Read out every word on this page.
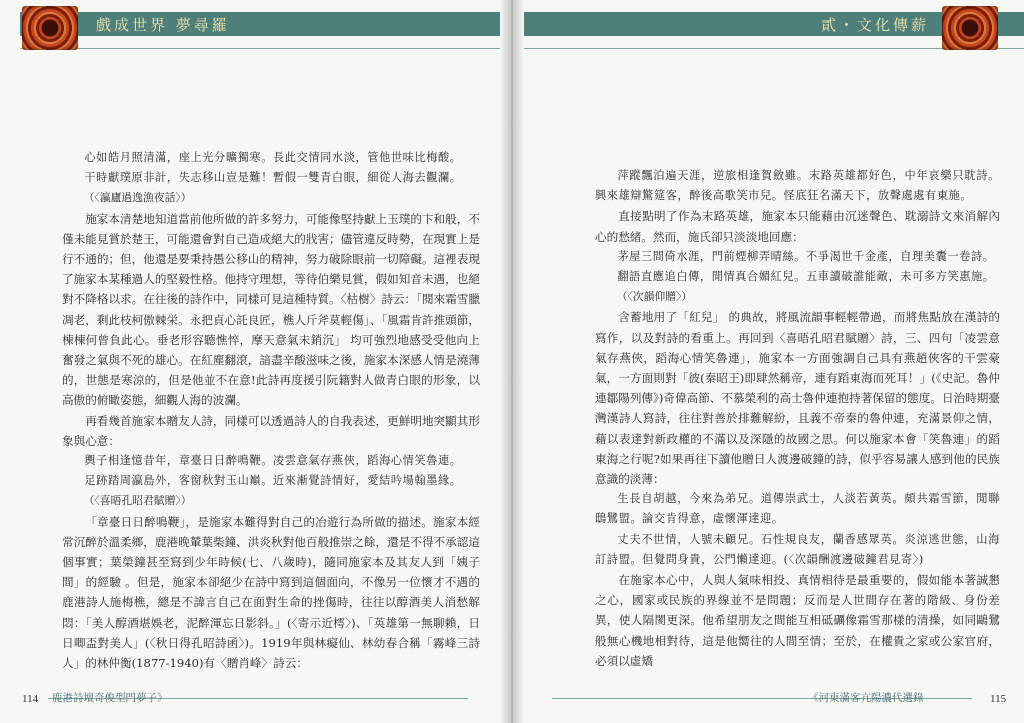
戲成世界 夢尋羅
心如皓月照清滿，座上光分曠獨寒。長此交情同水淡，管他世味比梅酸。
干時獻璞原非計，失志移山豈是難！暫假一雙青白眼，細從人海去觀瀾。
（〈瀛廬過逸漁夜話〉）
施家本清楚地知道當前他所做的許多努力，可能像堅持獻上玉璞的卞和般，不僅未能見賞於楚王，可能還會對自己造成絕大的戕害；儘管違反時勢，在現實上是行不通的；但，他還是要秉持愚公移山的精神，努力破除眼前一切障礙。這裡表現了施家本某種過人的堅毅性格。他持守理想，等待伯樂見賞，假如知音未遇，也絕對不降格以求。在往後的詩作中，同樣可見這種特質。〈枯樹〉詩云：「閱來霜雪臘凋老，剩此枝柯傲棘栄。永把貞心託良匠，樵人斤斧莫輕傷」、「風霜肯許推頭節，棟棟何曾負此心。垂老形容聽憔悴，摩天意氣未銷沉」 均可強烈地感受受他向上奮發之氣與不死的雄心。在紅塵翻滾，諳盡辛酸滋味之後，施家本深感人情是澆薄的，世態是寒涼的，但是他並不在意!此詩再度援引阮籍對人做青白眼的形象，以高傲的俯瞰姿態，細觀人海的波瀾。
再看幾首施家本贈友人詩，同樣可以透過詩人的自我表述，更鮮明地突顯其形象與心意：
輿子相逢憶昔年，章臺日日醉鳴鞭。凌雲意氣存燕俠，蹈海心情笑魯連。
足跡踏周瀛島外，客窗秋對玉山巔。近來漸覺詩情好，愛結吟場翰墨緣。
（〈喜晤孔昭君賦贈〉）
「章臺日日醉鳴鞭」，是施家本難得對自己的冶遊行為所做的描述。施家本經常沉醉於溫柔鄉，鹿港晚輦葉柴鐘、洪炎秋對他百般推崇之餘，還是不得不承認這個事實；葉榮鐘甚至寫到少年時候(七、八歲時)，隨同施家本及其友人到「姨子間」的經驗 。但是，施家本卻絕少在詩中寫到這個面向，不像另一位懷才不遇的鹿港詩人施梅樵，總是不諱言自己在面對生命的挫傷時，往往以醇酒美人消愁解悶：「美人醇酒堪娛老，泥醉渾忘日影斜。」(〈寄示近樗〉)、「英雄第一無聊賴，日日唧盃對美人」(〈秋日得孔昭詩函〉)。1919年與林癡仙、林幼春合稱「霧峰三詩人」的林仲衡(1877-1940)有〈贈肖峰〉詩云：
114 鹿港詩壇奇俊型門夢子》
貳・文化傳薪
萍蹤飄泊遍天涯，逆旅相逢賀斂雖。末路英雄都好色，中年哀樂只耽詩。興來雄辯驚筵客，醉後高歌笑市兒。怪底狂名滿天下，放聲處處有東施。
直接點明了作為末路英雄，施家本只能藉由沉迷聲色、耽溺詩文來消解內心的愁緒。然而，施氏卻只淡淡地回應：
茅屋三間倚水涯，門前煙柳弄晴絲。不爭渴世千金產，自理美囊一卷詩。
翻語直應追白傳，閒情真合媚紅兒。五車讀破誰能敵，未可多方笑惠施。
（〈次韻仰贈〉）
含蓄地用了「紅兒」 的典故，將風流韻事輕輕帶過，而將焦點放在漢詩的寫作，以及對詩的看重上。再回到〈喜晤孔昭君賦贈〉詩，三、四句「凌雲意氣存燕俠，蹈海心情笑魯連」，施家本一方面強調自己具有燕趙俠客的干雲豪氣，一方面則對「彼(秦昭王)即肆然稱帝，連有蹈東海而死耳！」(《史記。魯仲連鄒陽列傳》)奇偉高節、不慕榮利的高士魯仲連抱持著保留的態度。日治時期臺灣漢詩人寫詩，往往對善於排難解紛，且義不帝秦的魯仲連，充滿景仰之情，藉以表達對新政權的不滿以及深隱的故國之思。何以施家本會「笑魯連」的蹈東海之行呢?如果再往下讀他贈日人渡邊破鐘的詩，似乎容易讓人感到他的民族意識的淡薄：
生長自胡越，今來為弟兄。道傳崇武士，人淡若黃英。頗共霜雪節，閒聯鴟鷺盟。論交肯得意，虛懷渾達迎。
丈夫不世情，人號未顧兄。石性規良友，蘭香感眾英。炎涼逃世態，山海訂詩盟。但覺問身貴，公門懶達迎。(〈次韻酬渡邊破鐘君見寄〉)
在施家本心中，人與人氣味相投、真情相待是最重要的，假如能本著誠懇之心，國家或民族的界線並不是問題；反而是人世間存在著的階級、身份差異，使人隔閡更深。他希望朋友之間能互相砥礪像霜雪那樣的清操，如同鷗鷺般無心機地相對待，這是他嚮往的人間至情；至於，在權貴之家或公家官府，必須以虛矯
115
《河東滿客亢陽濃代選錄
